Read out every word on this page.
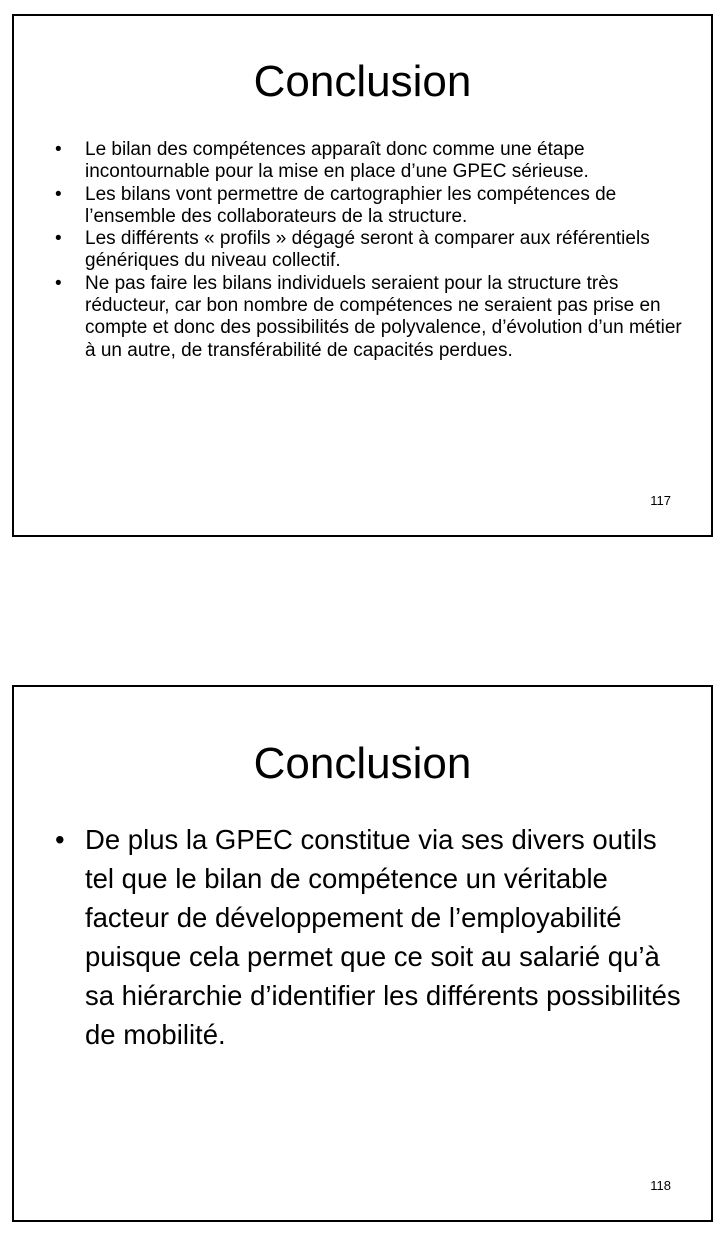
Conclusion
• Le bilan des compétences apparaît donc comme une étape incontournable pour la mise en place d’une GPEC sérieuse.
• Les bilans vont permettre de cartographier les compétences de l’ensemble des collaborateurs de la structure.
• Les différents « profils » dégagé seront à comparer aux référentiels génériques du niveau collectif.
• Ne pas faire les bilans individuels seraient pour la structure très réducteur, car bon nombre de compétences ne seraient pas prise en compte et donc des possibilités de polyvalence, d’évolution d’un métier à un autre, de transférabilité de capacités perdues.
117
Conclusion
• De plus la GPEC constitue via ses divers outils tel que le bilan de compétence un véritable facteur de développement de l’employabilité puisque cela permet que ce soit au salarié qu’à sa hiérarchie d’identifier les différents possibilités de mobilité.
118
